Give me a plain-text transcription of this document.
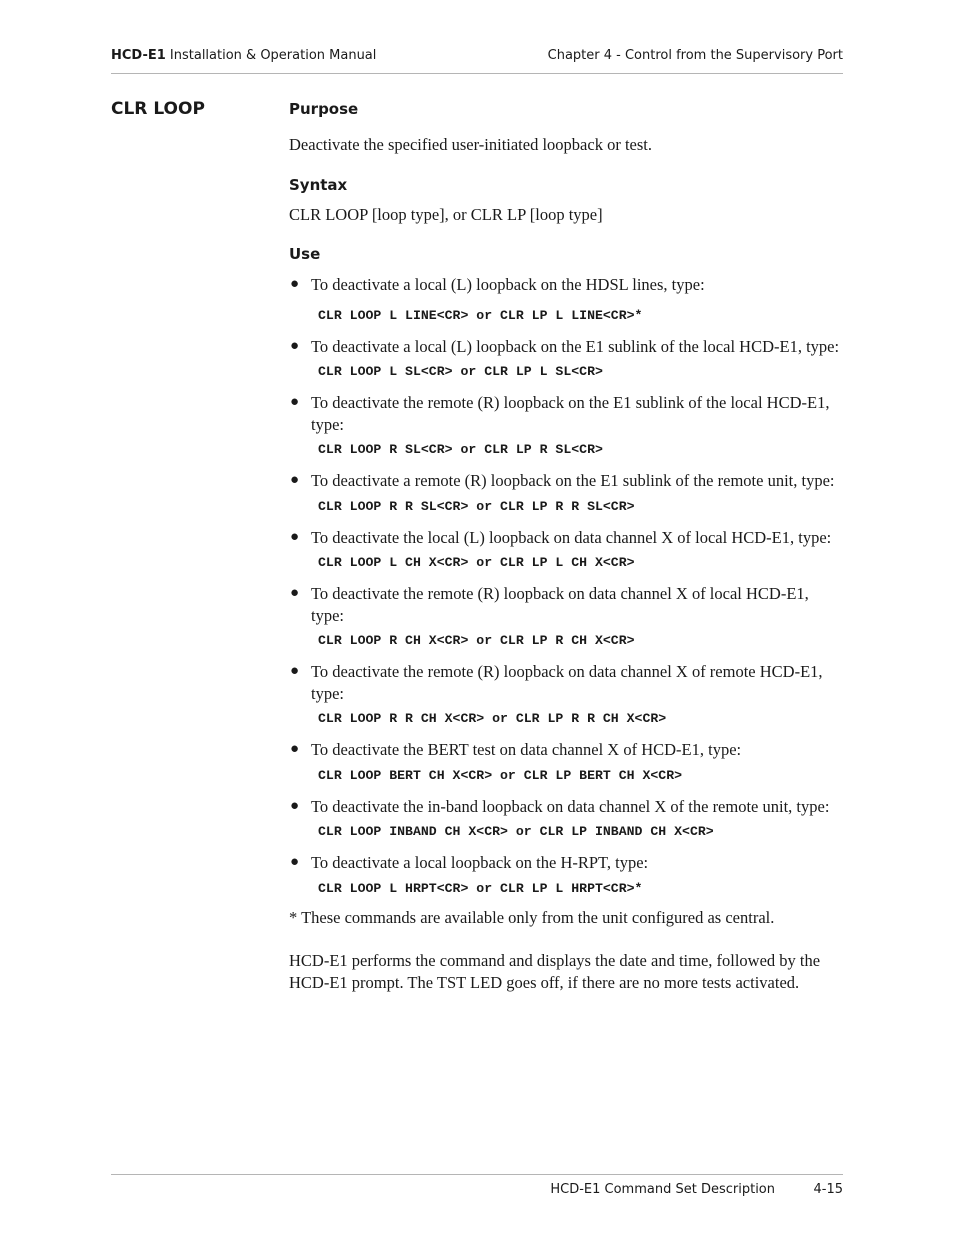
HCD-E1 Installation & Operation Manual	Chapter 4 - Control from the Supervisory Port
CLR LOOP	Purpose

Deactivate the specified user-initiated loopback or test.

Syntax

CLR LOOP [loop type], or CLR LP [loop type]

Use

● To deactivate a local (L) loopback on the HDSL lines, type:
CLR LOOP L LINE<CR> or CLR LP L LINE<CR>*
● To deactivate a local (L) loopback on the E1 sublink of the local HCD-E1, type:
CLR LOOP L SL<CR> or CLR LP L SL<CR>
● To deactivate the remote (R) loopback on the E1 sublink of the local HCD-E1, type:
CLR LOOP R SL<CR> or CLR LP R SL<CR>
● To deactivate a remote (R) loopback on the E1 sublink of the remote unit, type:
CLR LOOP R R SL<CR> or CLR LP R R SL<CR>
● To deactivate the local (L) loopback on data channel X of local HCD-E1, type:
CLR LOOP L CH X<CR> or CLR LP L CH X<CR>
● To deactivate the remote (R) loopback on data channel X of local HCD-E1, type:
CLR LOOP R CH X<CR> or CLR LP R CH X<CR>
● To deactivate the remote (R) loopback on data channel X of remote HCD-E1, type:
CLR LOOP R R CH X<CR> or CLR LP R R CH X<CR>
● To deactivate the BERT test on data channel X of HCD-E1, type:
CLR LOOP BERT CH X<CR> or CLR LP BERT CH X<CR>
● To deactivate the in-band loopback on data channel X of the remote unit, type:
CLR LOOP INBAND CH X<CR> or CLR LP INBAND CH X<CR>
● To deactivate a local loopback on the H-RPT, type:
CLR LOOP L HRPT<CR> or CLR LP L HRPT<CR>*

* These commands are available only from the unit configured as central.

HCD-E1 performs the command and displays the date and time, followed by the HCD-E1 prompt. The TST LED goes off, if there are no more tests activated.

HCD-E1 Command Set Description	4-15
